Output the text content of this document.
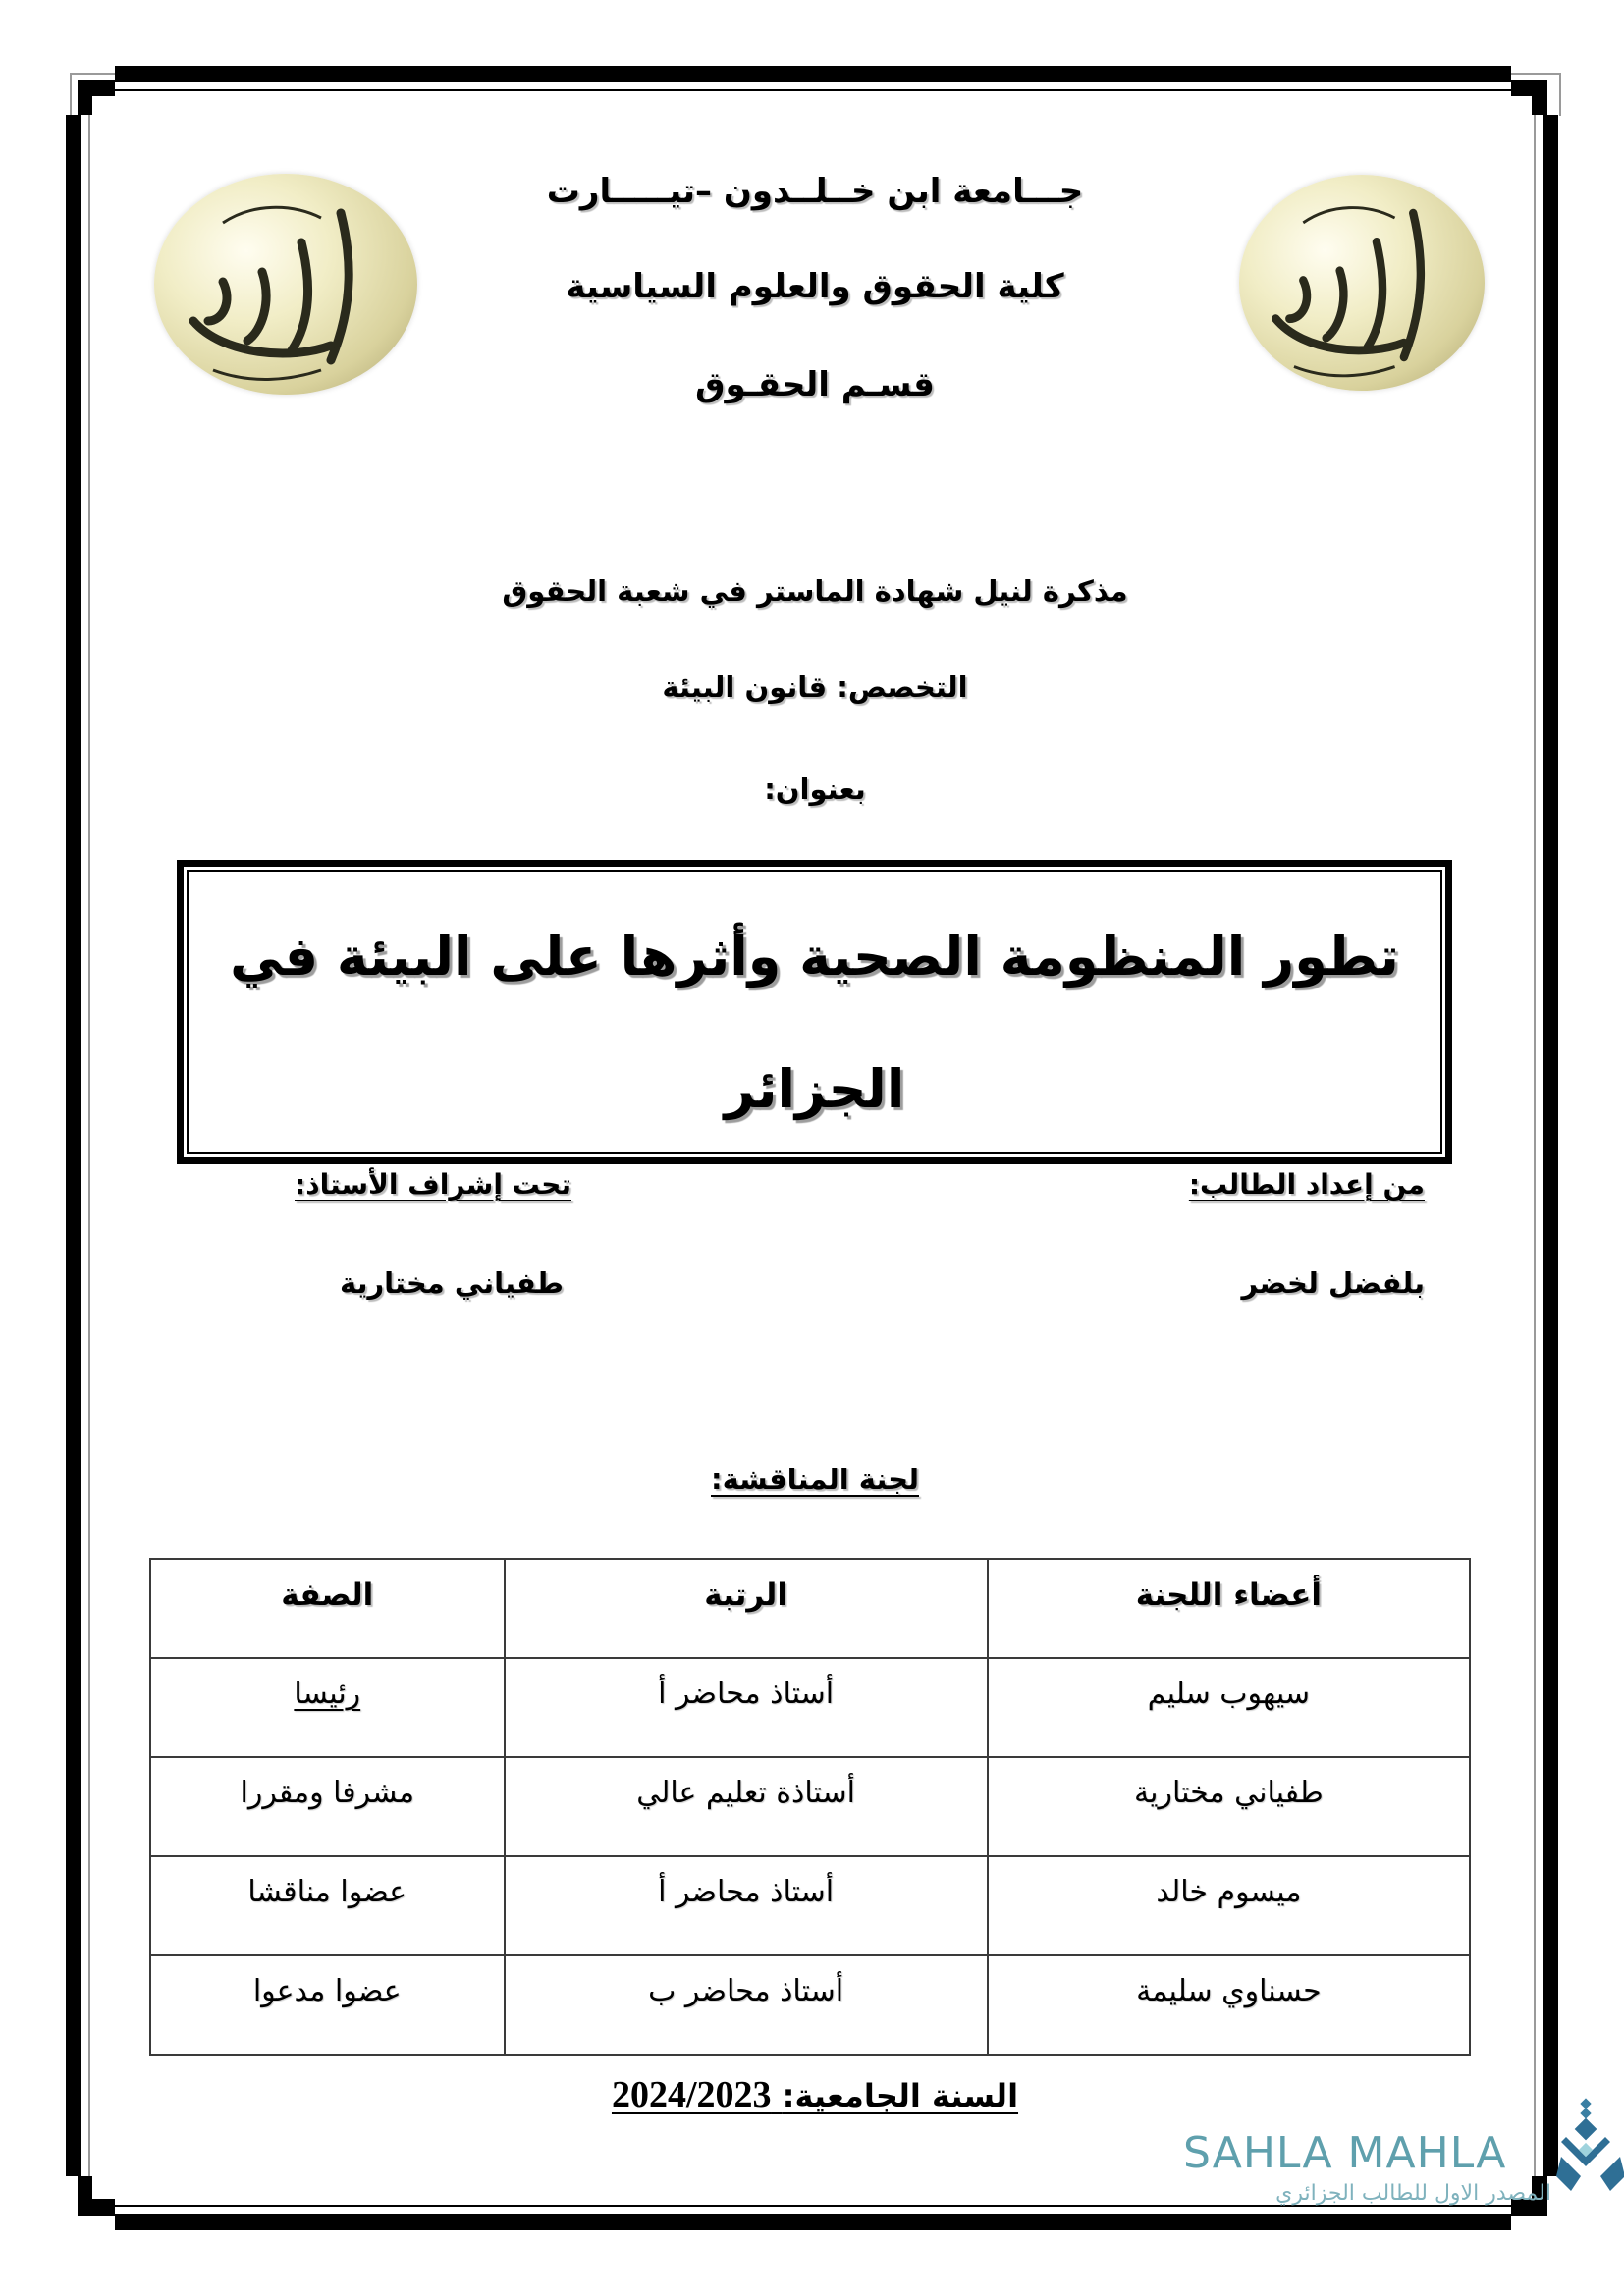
جـــامعة ابن خــلــدون –تيـــــارت
كلية الحقوق والعلوم السياسية
قسـم الحقـوق
مذكرة لنيل شهادة الماستر في شعبة الحقوق
التخصص: قانون البيئة
بعنوان:
تطور المنظومة الصحية وأثرها على البيئة في
الجزائر
من إعداد الطالب:
تحت إشراف الأستاذ:
بلفضل لخضر
طفياني مختارية
لجنة المناقشة:
أعضاء اللجنة	الرتبة	الصفة
سيهوب سليم	أستاذ محاضر أ	رئيسا
طفياني مختارية	أستاذة تعليم عالي	مشرفا ومقررا
ميسوم خالد	أستاذ محاضر أ	عضوا مناقشا
حسناوي سليمة	أستاذ محاضر ب	عضوا مدعوا
السنة الجامعية: 2024/2023
SAHLA MAHLA
المصدر الاول للطالب الجزائري
